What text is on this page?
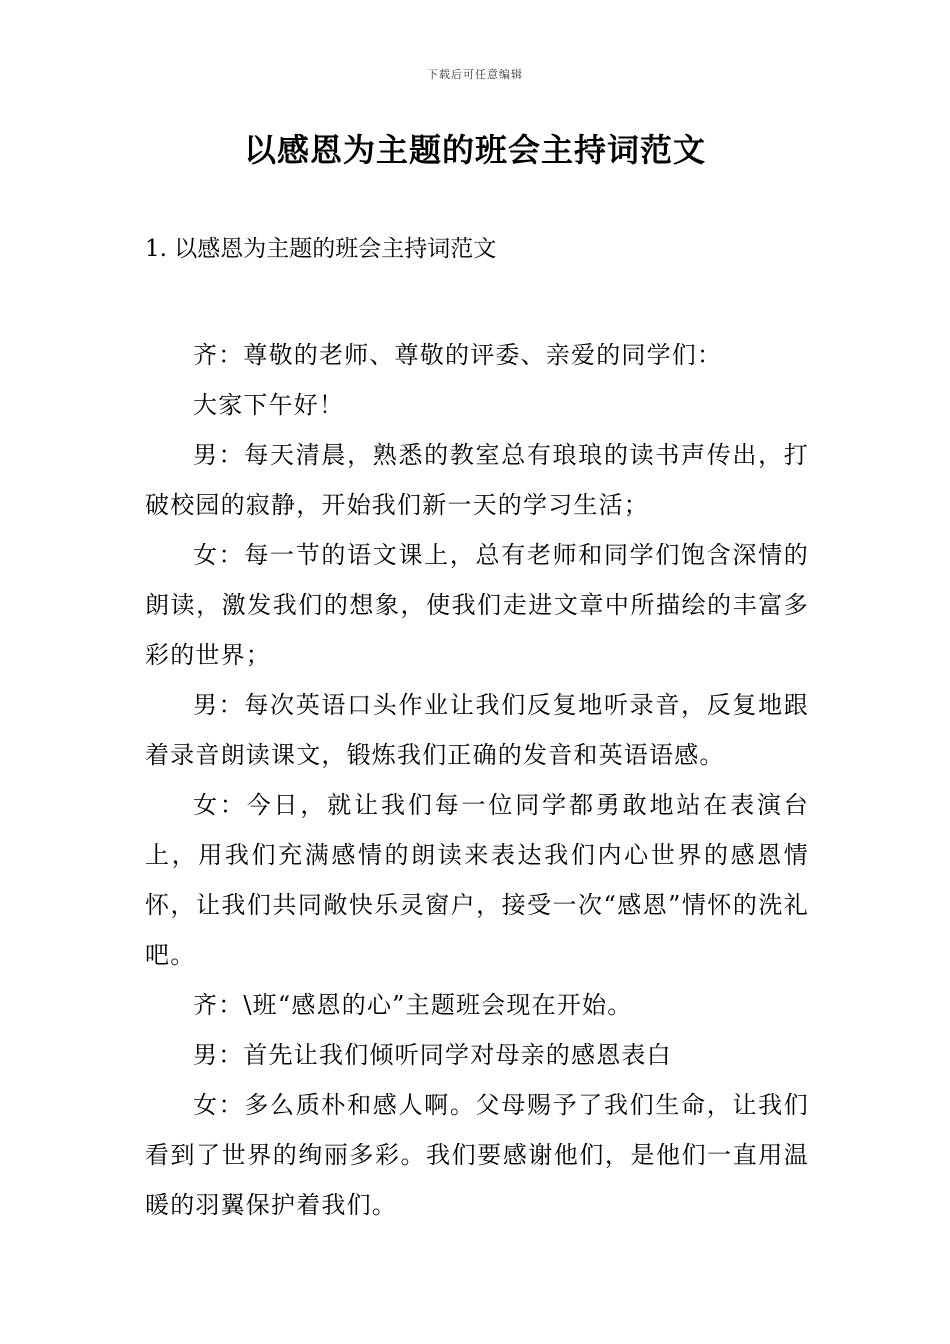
下载后可任意编辑
以感恩为主题的班会主持词范文
1. 以感恩为主题的班会主持词范文

齐：尊敬的老师、尊敬的评委、亲爱的同学们：

大家下午好！

男：每天清晨，熟悉的教室总有琅琅的读书声传出，打破校园的寂静，开始我们新一天的学习生活；

女：每一节的语文课上，总有老师和同学们饱含深情的朗读，激发我们的想象，使我们走进文章中所描绘的丰富多彩的世界；

男：每次英语口头作业让我们反复地听录音，反复地跟着录音朗读课文，锻炼我们正确的发音和英语语感。

女：今日，就让我们每一位同学都勇敢地站在表演台上，用我们充满感情的朗读来表达我们内心世界的感恩情怀，让我们共同敞快乐灵窗户，接受一次“感恩”情怀的洗礼吧。

齐：\班“感恩的心”主题班会现在开始。

男：首先让我们倾听同学对母亲的感恩表白

女：多么质朴和感人啊。父母赐予了我们生命，让我们看到了世界的绚丽多彩。我们要感谢他们，是他们一直用温暖的羽翼保护着我们。
